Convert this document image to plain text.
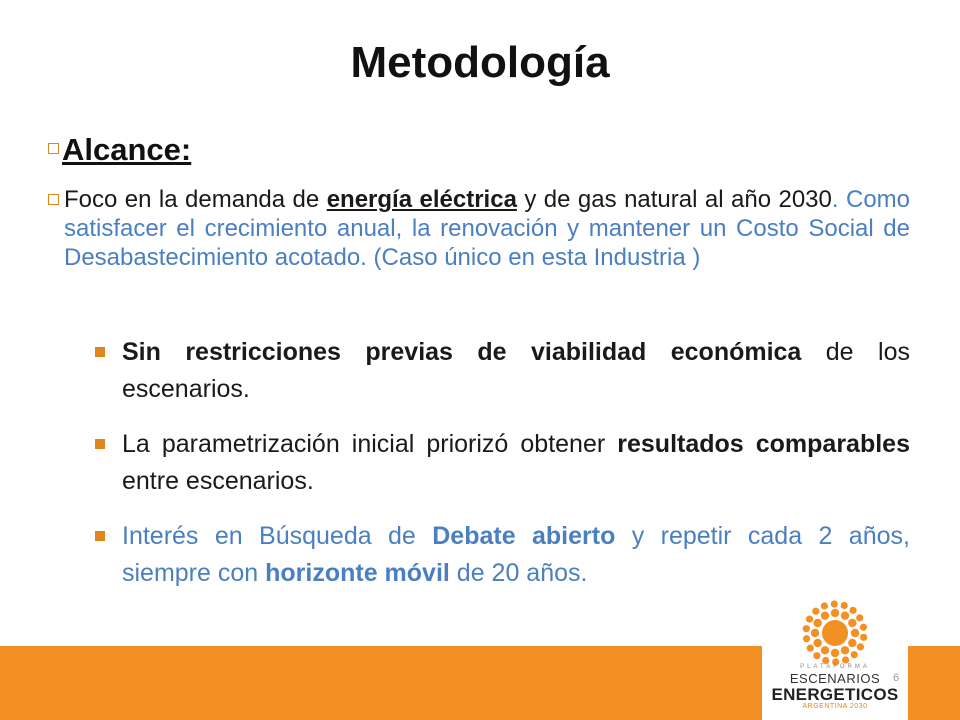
Metodología
Alcance:
Foco en la demanda de energía eléctrica y de gas natural al año 2030. Como satisfacer el crecimiento anual, la renovación y mantener un Costo Social de Desabastecimiento acotado. (Caso único en esta Industria )
Sin restricciones previas de viabilidad económica de los escenarios.
La parametrización inicial priorizó obtener resultados comparables entre escenarios.
Interés en Búsqueda de Debate abierto y repetir cada 2 años, siempre con horizonte móvil de 20 años.
PLATAFORMA
ESCENARIOS
ENERGETICOS
ARGENTINA 2030
6
